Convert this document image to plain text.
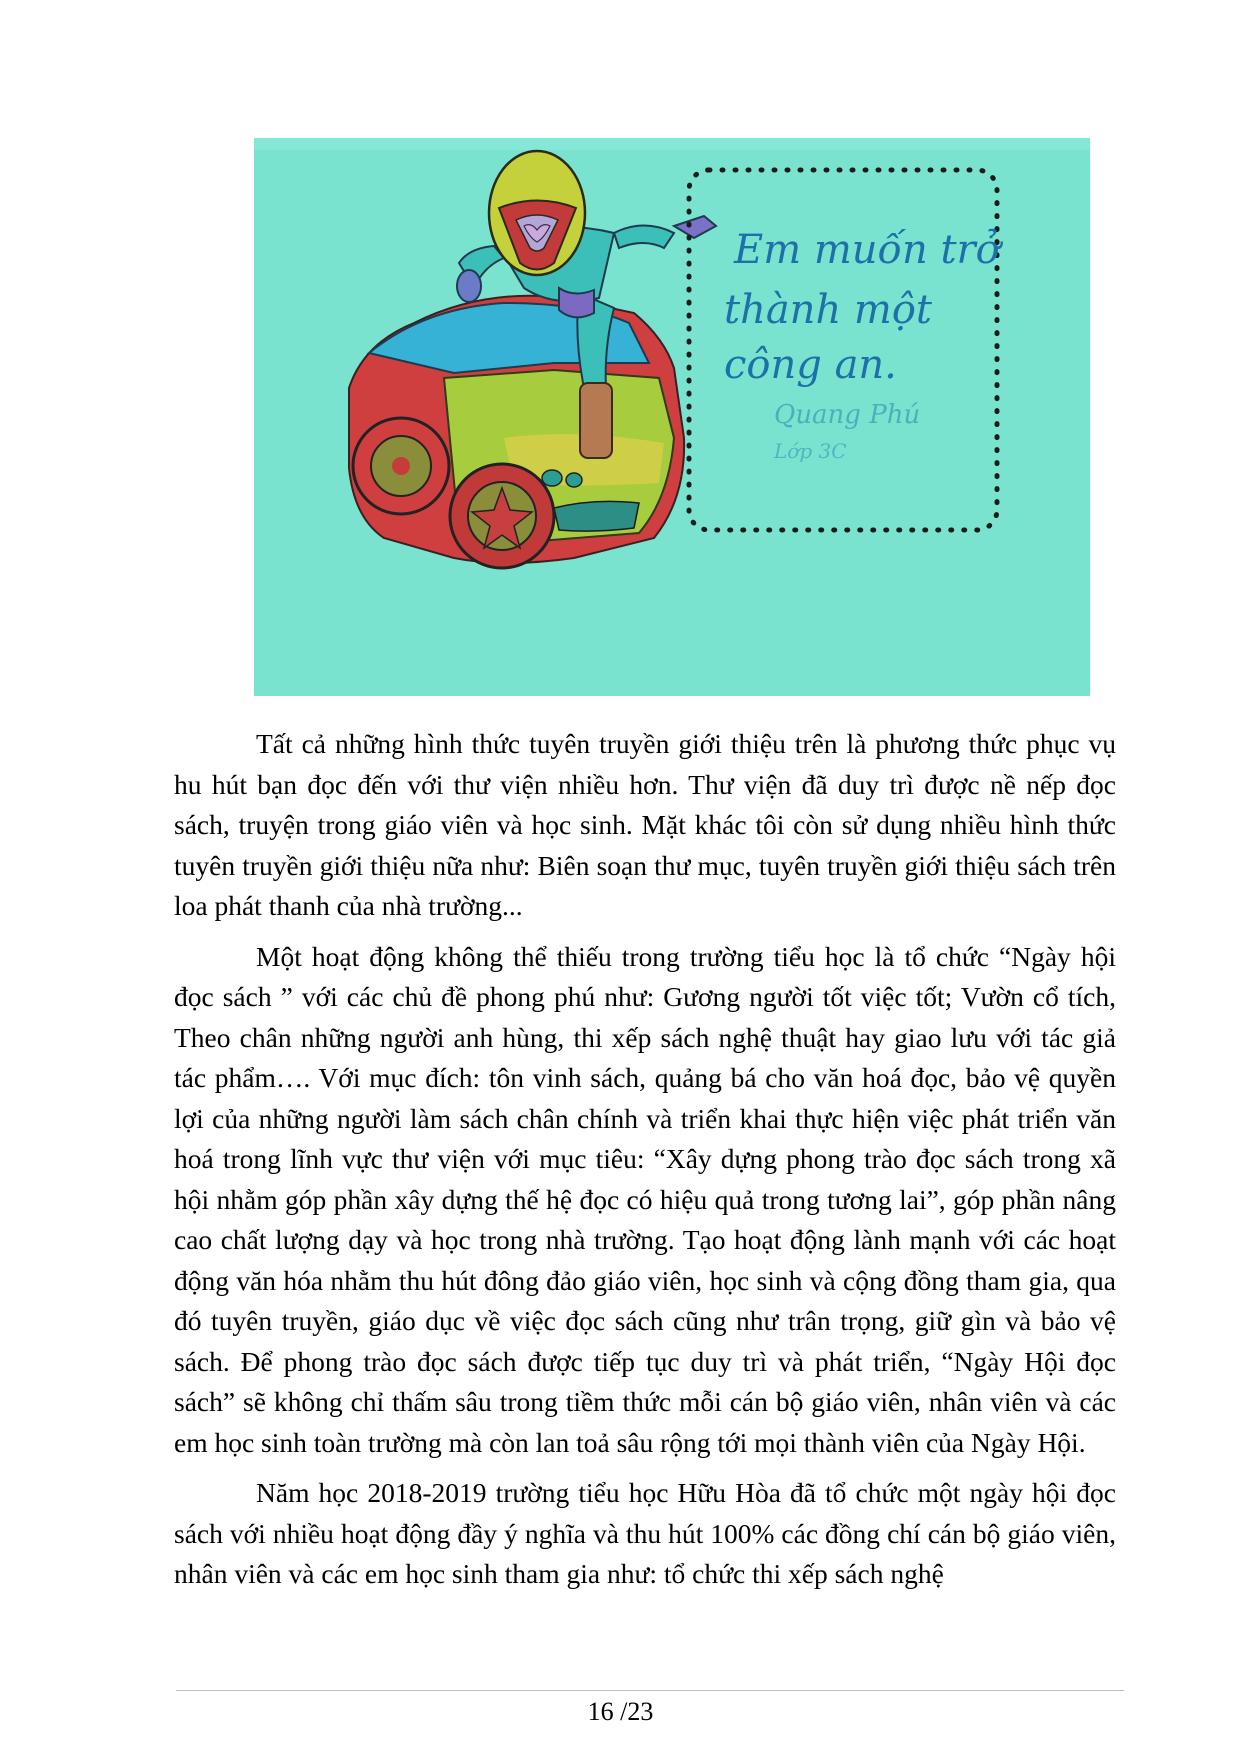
Em muốn trở
thành một
công an.
Quang Phú
Lớp 3C

Tất cả những hình thức tuyên truyền giới thiệu trên là phương thức phục vụ hu hút bạn đọc đến với thư viện nhiều hơn. Thư viện đã duy trì được nề nếp đọc sách, truyện trong giáo viên và học sinh. Mặt khác tôi còn sử dụng nhiều hình thức tuyên truyền giới thiệu nữa như: Biên soạn thư mục, tuyên truyền giới thiệu sách trên loa phát thanh của nhà trường...

Một hoạt động không thể thiếu trong trường tiểu học là tổ chức “Ngày hội đọc sách ” với các chủ đề phong phú như: Gương người tốt việc tốt; Vườn cổ tích, Theo chân những người anh hùng, thi xếp sách nghệ thuật hay giao lưu với tác giả tác phẩm…. Với mục đích: tôn vinh sách, quảng bá cho văn hoá đọc, bảo vệ quyền lợi của những người làm sách chân chính và triển khai thực hiện việc phát triển văn hoá trong lĩnh vực thư viện với mục tiêu: “Xây dựng phong trào đọc sách trong xã hội nhằm góp phần xây dựng thế hệ đọc có hiệu quả trong tương lai”, góp phần nâng cao chất lượng dạy và học trong nhà trường. Tạo hoạt động lành mạnh với các hoạt động văn hóa nhằm thu hút đông đảo giáo viên, học sinh và cộng đồng tham gia, qua đó tuyên truyền, giáo dục về việc đọc sách cũng như trân trọng, giữ gìn và bảo vệ sách. Để phong trào đọc sách được tiếp tục duy trì và phát triển, “Ngày Hội đọc sách” sẽ không chỉ thấm sâu trong tiềm thức mỗi cán bộ giáo viên, nhân viên và các em học sinh toàn trường mà còn lan toả sâu rộng tới mọi thành viên của Ngày Hội.

Năm học 2018-2019 trường tiểu học Hữu Hòa đã tổ chức một ngày hội đọc sách với nhiều hoạt động đầy ý nghĩa và thu hút 100% các đồng chí cán bộ giáo viên, nhân viên và các em học sinh tham gia như: tổ chức thi xếp sách nghệ

16 /23
